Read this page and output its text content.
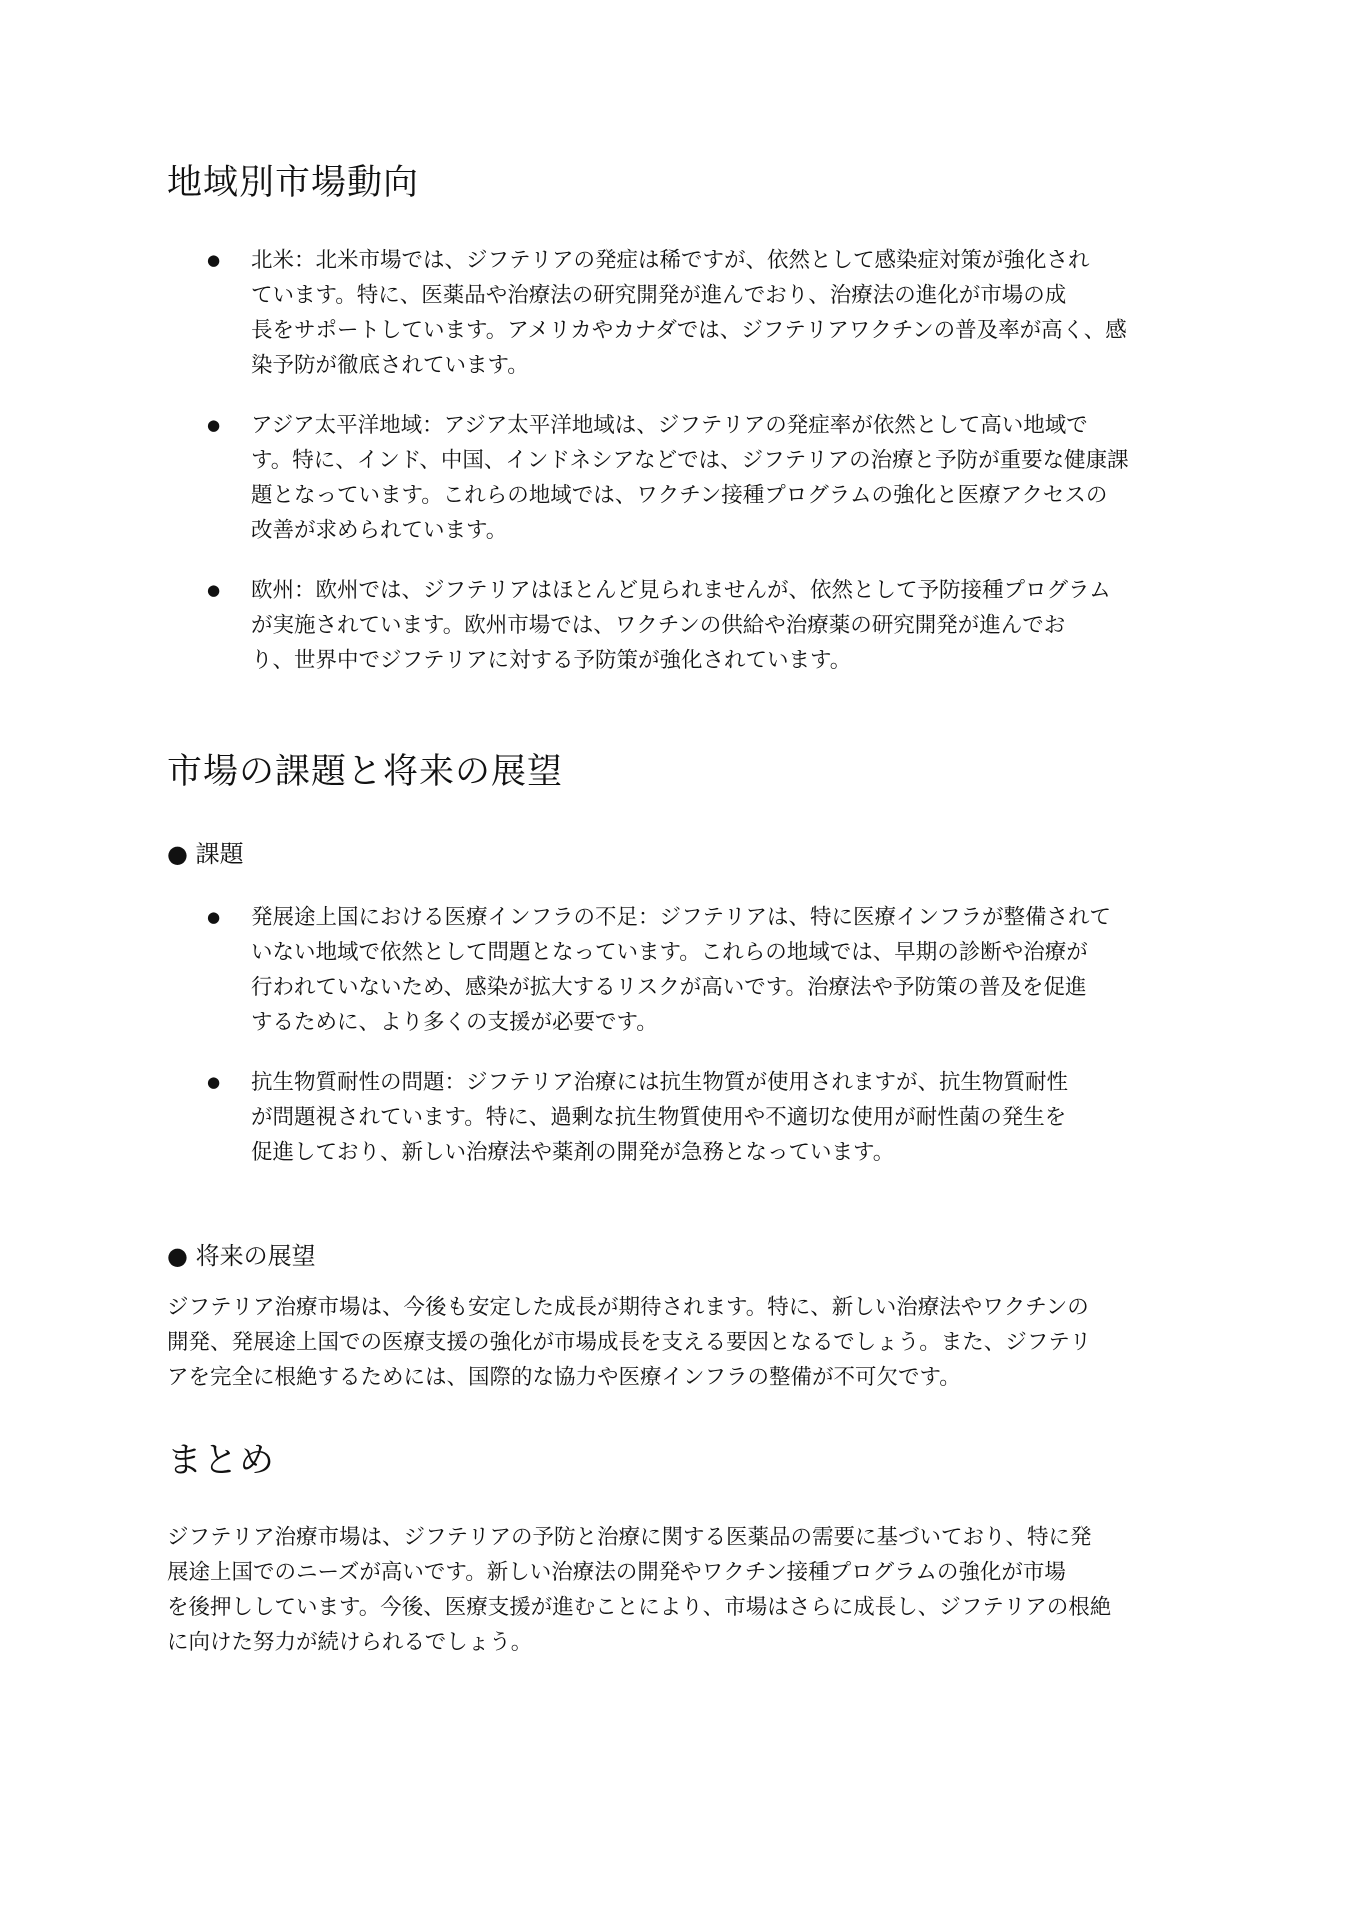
地域別市場動向
● 北米：北米市場では、ジフテリアの発症は稀ですが、依然として感染症対策が強化され
ています。特に、医薬品や治療法の研究開発が進んでおり、治療法の進化が市場の成
長をサポートしています。アメリカやカナダでは、ジフテリアワクチンの普及率が高く、感
染予防が徹底されています。
● アジア太平洋地域：アジア太平洋地域は、ジフテリアの発症率が依然として高い地域で
す。特に、インド、中国、インドネシアなどでは、ジフテリアの治療と予防が重要な健康課
題となっています。これらの地域では、ワクチン接種プログラムの強化と医療アクセスの
改善が求められています。
● 欧州：欧州では、ジフテリアはほとんど見られませんが、依然として予防接種プログラム
が実施されています。欧州市場では、ワクチンの供給や治療薬の研究開発が進んでお
り、世界中でジフテリアに対する予防策が強化されています。
市場の課題と将来の展望
● 課題
● 発展途上国における医療インフラの不足：ジフテリアは、特に医療インフラが整備されて
いない地域で依然として問題となっています。これらの地域では、早期の診断や治療が
行われていないため、感染が拡大するリスクが高いです。治療法や予防策の普及を促進
するために、より多くの支援が必要です。
● 抗生物質耐性の問題：ジフテリア治療には抗生物質が使用されますが、抗生物質耐性
が問題視されています。特に、過剰な抗生物質使用や不適切な使用が耐性菌の発生を
促進しており、新しい治療法や薬剤の開発が急務となっています。
● 将来の展望

ジフテリア治療市場は、今後も安定した成長が期待されます。特に、新しい治療法やワクチンの
開発、発展途上国での医療支援の強化が市場成長を支える要因となるでしょう。また、ジフテリ
アを完全に根絶するためには、国際的な協力や医療インフラの整備が不可欠です。

まとめ

ジフテリア治療市場は、ジフテリアの予防と治療に関する医薬品の需要に基づいており、特に発
展途上国でのニーズが高いです。新しい治療法の開発やワクチン接種プログラムの強化が市場
を後押ししています。今後、医療支援が進むことにより、市場はさらに成長し、ジフテリアの根絶
に向けた努力が続けられるでしょう。
